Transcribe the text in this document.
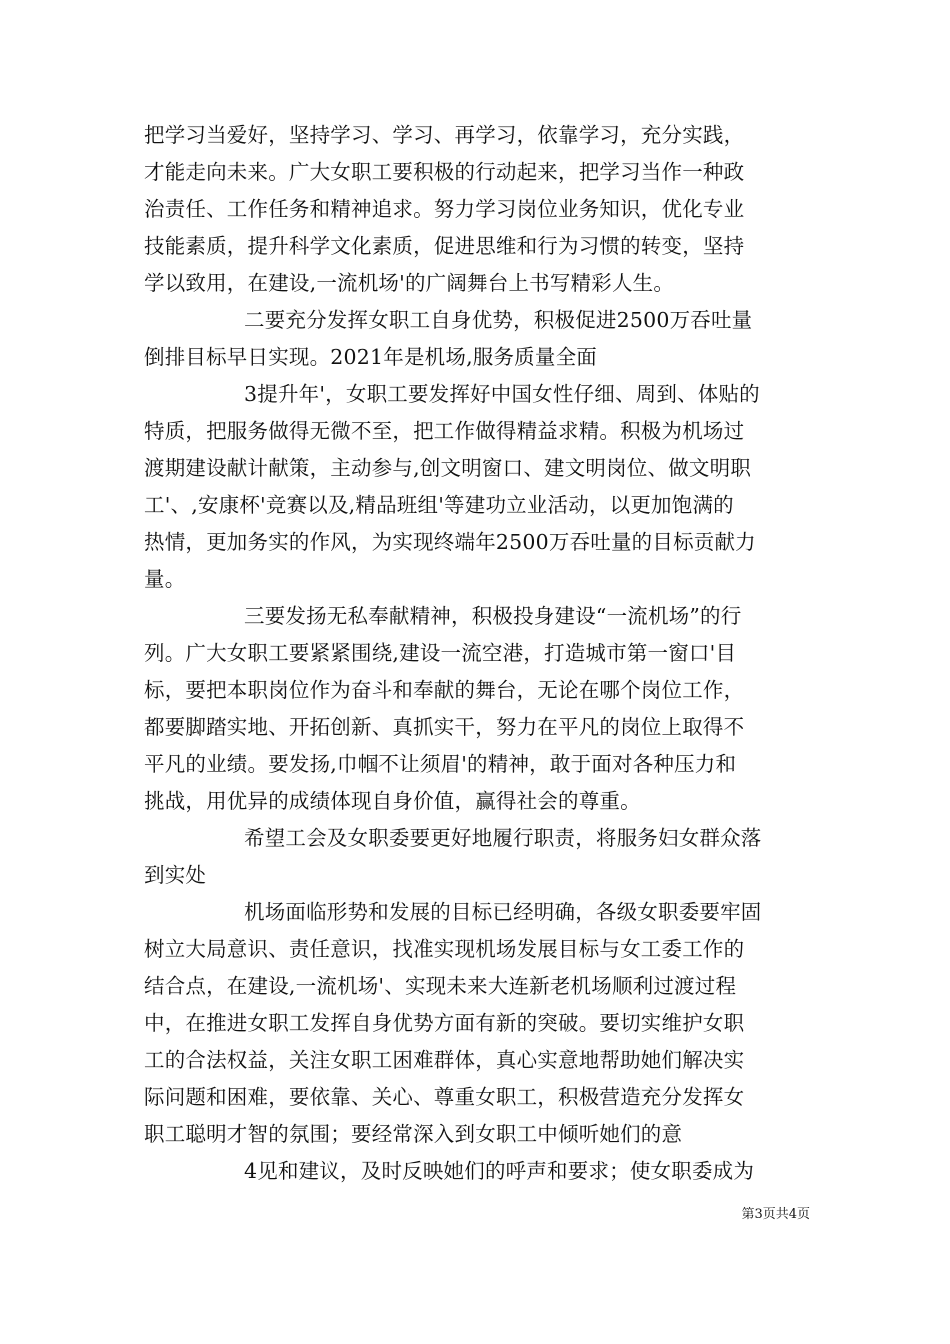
把学习当爱好，坚持学习、学习、再学习，依靠学习，充分实践，
才能走向未来。广大女职工要积极的行动起来，把学习当作一种政
治责任、工作任务和精神追求。努力学习岗位业务知识，优化专业
技能素质，提升科学文化素质，促进思维和行为习惯的转变，坚持
学以致用，在建设,一流机场'的广阔舞台上书写精彩人生。
二要充分发挥女职工自身优势，积极促进2500万吞吐量
倒排目标早日实现。2021年是机场,服务质量全面
3提升年'，女职工要发挥好中国女性仔细、周到、体贴的
特质，把服务做得无微不至，把工作做得精益求精。积极为机场过
渡期建设献计献策，主动参与,创文明窗口、建文明岗位、做文明职
工'、,安康杯'竞赛以及,精品班组'等建功立业活动，以更加饱满的
热情，更加务实的作风，为实现终端年2500万吞吐量的目标贡献力
量。
三要发扬无私奉献精神，积极投身建设“一流机场”的行
列。广大女职工要紧紧围绕,建设一流空港，打造城市第一窗口'目
标，要把本职岗位作为奋斗和奉献的舞台，无论在哪个岗位工作，
都要脚踏实地、开拓创新、真抓实干，努力在平凡的岗位上取得不
平凡的业绩。要发扬,巾帼不让须眉'的精神，敢于面对各种压力和
挑战，用优异的成绩体现自身价值，赢得社会的尊重。
希望工会及女职委要更好地履行职责，将服务妇女群众落
到实处
机场面临形势和发展的目标已经明确，各级女职委要牢固
树立大局意识、责任意识，找准实现机场发展目标与女工委工作的
结合点，在建设,一流机场'、实现未来大连新老机场顺利过渡过程
中，在推进女职工发挥自身优势方面有新的突破。要切实维护女职
工的合法权益，关注女职工困难群体，真心实意地帮助她们解决实
际问题和困难，要依靠、关心、尊重女职工，积极营造充分发挥女
职工聪明才智的氛围；要经常深入到女职工中倾听她们的意
4见和建议，及时反映她们的呼声和要求；使女职委成为
第3页共4页
